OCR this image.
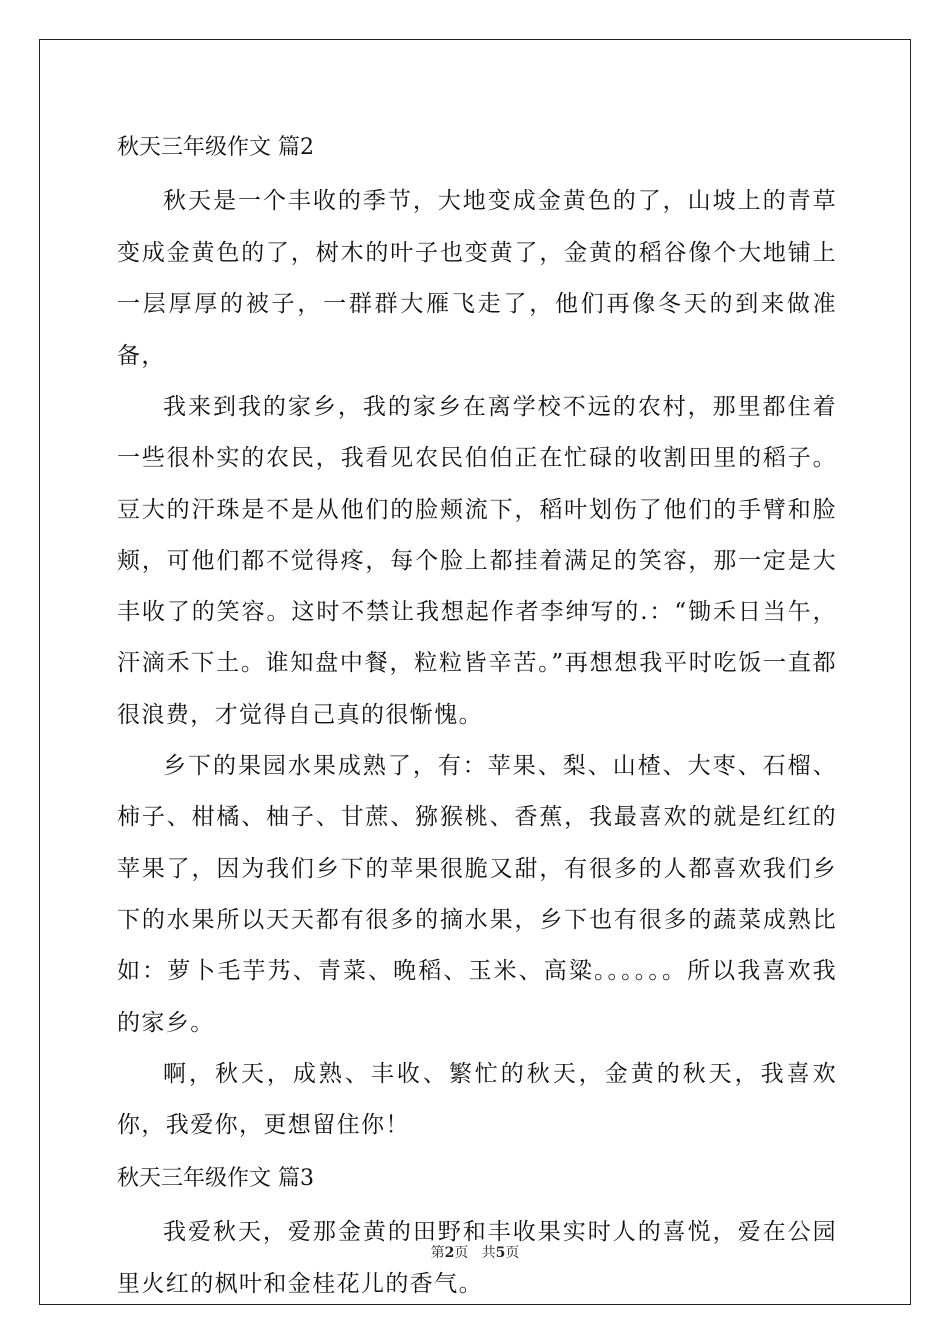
秋天三年级作文 篇2

秋天是一个丰收的季节，大地变成金黄色的了，山坡上的青草变成金黄色的了，树木的叶子也变黄了，金黄的稻谷像个大地铺上一层厚厚的被子，一群群大雁飞走了，他们再像冬天的到来做准备，

我来到我的家乡，我的家乡在离学校不远的农村，那里都住着一些很朴实的农民，我看见农民伯伯正在忙碌的收割田里的稻子。豆大的汗珠是不是从他们的脸颊流下，稻叶划伤了他们的手臂和脸颊，可他们都不觉得疼，每个脸上都挂着满足的笑容，那一定是大丰收了的笑容。这时不禁让我想起作者李绅写的.：“锄禾日当午，汗滴禾下土。谁知盘中餐，粒粒皆辛苦。”再想想我平时吃饭一直都很浪费，才觉得自己真的很惭愧。

乡下的果园水果成熟了，有：苹果、梨、山楂、大枣、石榴、柿子、柑橘、柚子、甘蔗、猕猴桃、香蕉，我最喜欢的就是红红的苹果了，因为我们乡下的苹果很脆又甜，有很多的人都喜欢我们乡下的水果所以天天都有很多的摘水果，乡下也有很多的蔬菜成熟比如：萝卜毛芋艿、青菜、晚稻、玉米、高粱。。。。。。所以我喜欢我的家乡。

啊，秋天，成熟、丰收、繁忙的秋天，金黄的秋天，我喜欢你，我爱你，更想留住你！

秋天三年级作文 篇3

我爱秋天，爱那金黄的田野和丰收果实时人的喜悦，爱在公园里火红的枫叶和金桂花儿的香气。

第2页 共5页
